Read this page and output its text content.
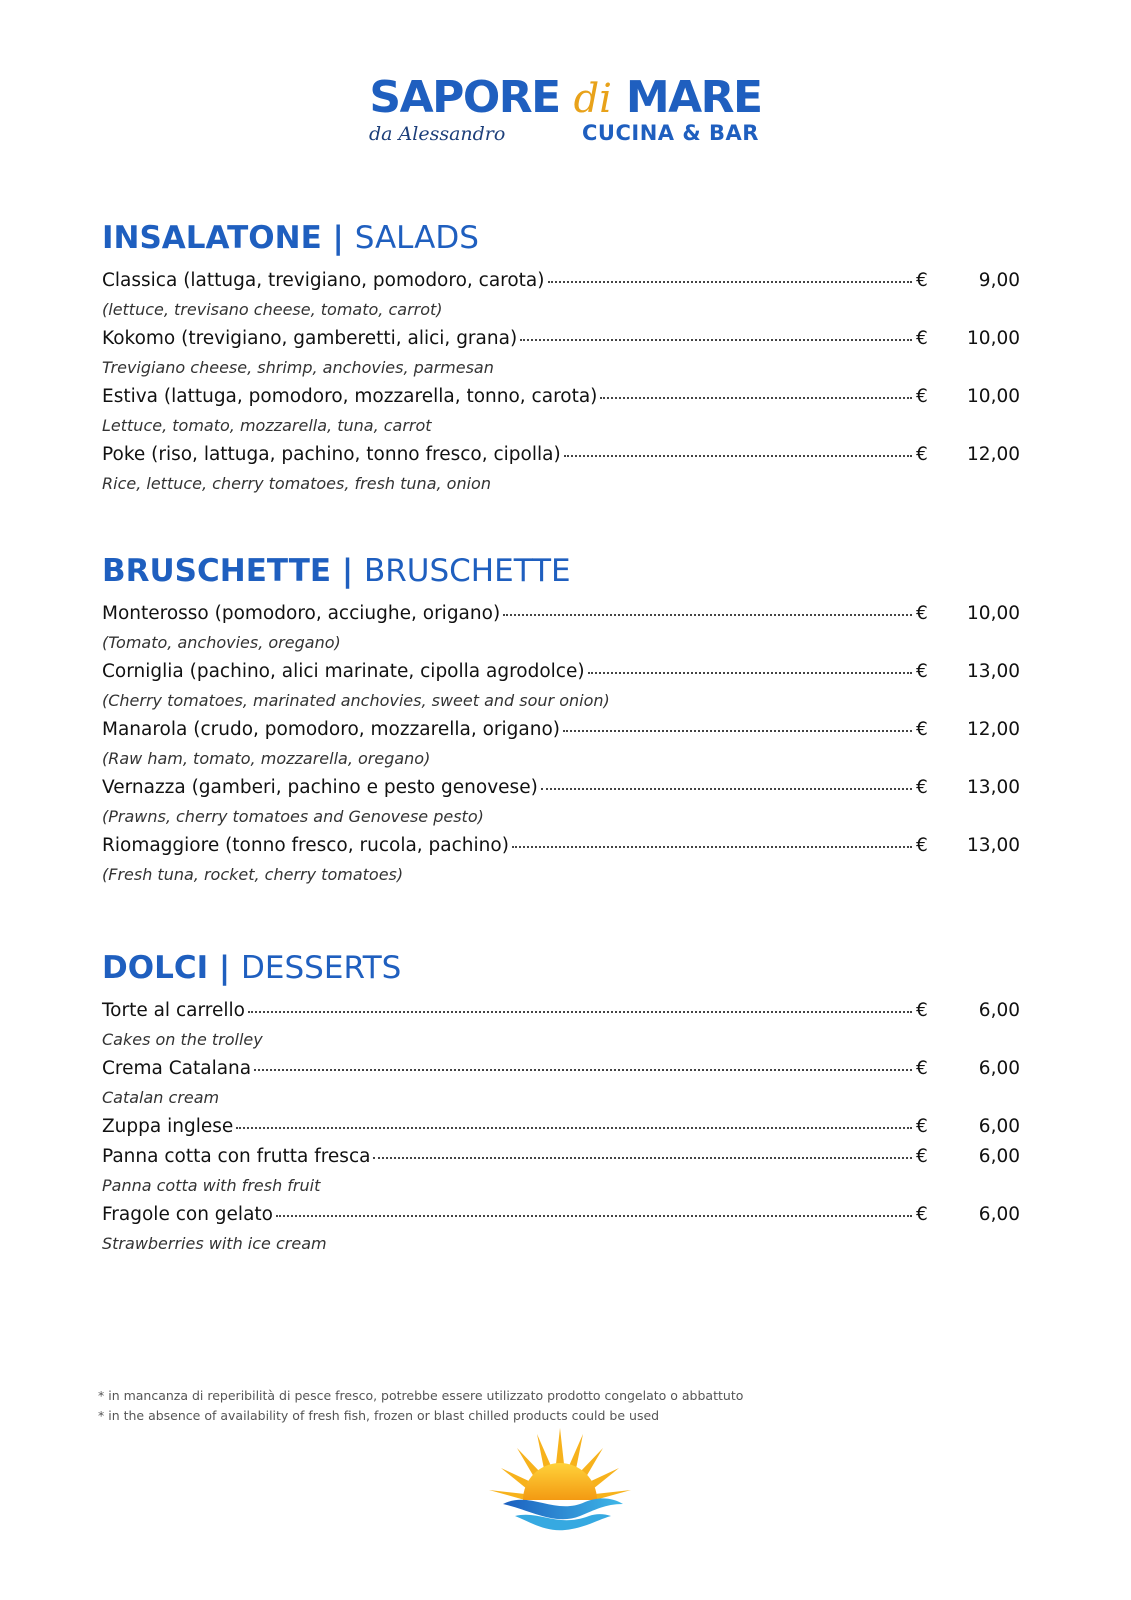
SAPORE di MARE
da Alessandro	CUCINA & BAR
INSALATONE | SALADS
Classica (lattuga, trevigiano, pomodoro, carota)	€	9,00
(lettuce, trevisano cheese, tomato, carrot)
Kokomo (trevigiano, gamberetti, alici, grana)	€	10,00
Trevigiano cheese, shrimp, anchovies, parmesan
Estiva (lattuga, pomodoro, mozzarella, tonno, carota)	€	10,00
Lettuce, tomato, mozzarella, tuna, carrot
Poke (riso, lattuga, pachino, tonno fresco, cipolla)	€	12,00
Rice, lettuce, cherry tomatoes, fresh tuna, onion
BRUSCHETTE | BRUSCHETTE
Monterosso (pomodoro, acciughe, origano)	€	10,00
(Tomato, anchovies, oregano)
Corniglia (pachino, alici marinate, cipolla agrodolce)	€	13,00
(Cherry tomatoes, marinated anchovies, sweet and sour onion)
Manarola (crudo, pomodoro, mozzarella, origano)	€	12,00
(Raw ham, tomato, mozzarella, oregano)
Vernazza (gamberi, pachino e pesto genovese)	€	13,00
(Prawns, cherry tomatoes and Genovese pesto)
Riomaggiore (tonno fresco, rucola, pachino)	€	13,00
(Fresh tuna, rocket, cherry tomatoes)
DOLCI | DESSERTS
Torte al carrello	€	6,00
Cakes on the trolley
Crema Catalana	€	6,00
Catalan cream
Zuppa inglese	€	6,00
Panna cotta con frutta fresca	€	6,00
Panna cotta with fresh fruit
Fragole con gelato	€	6,00
Strawberries with ice cream
* in mancanza di reperibilità di pesce fresco, potrebbe essere utilizzato prodotto congelato o abbattuto
* in the absence of availability of fresh fish, frozen or blast chilled products could be used
